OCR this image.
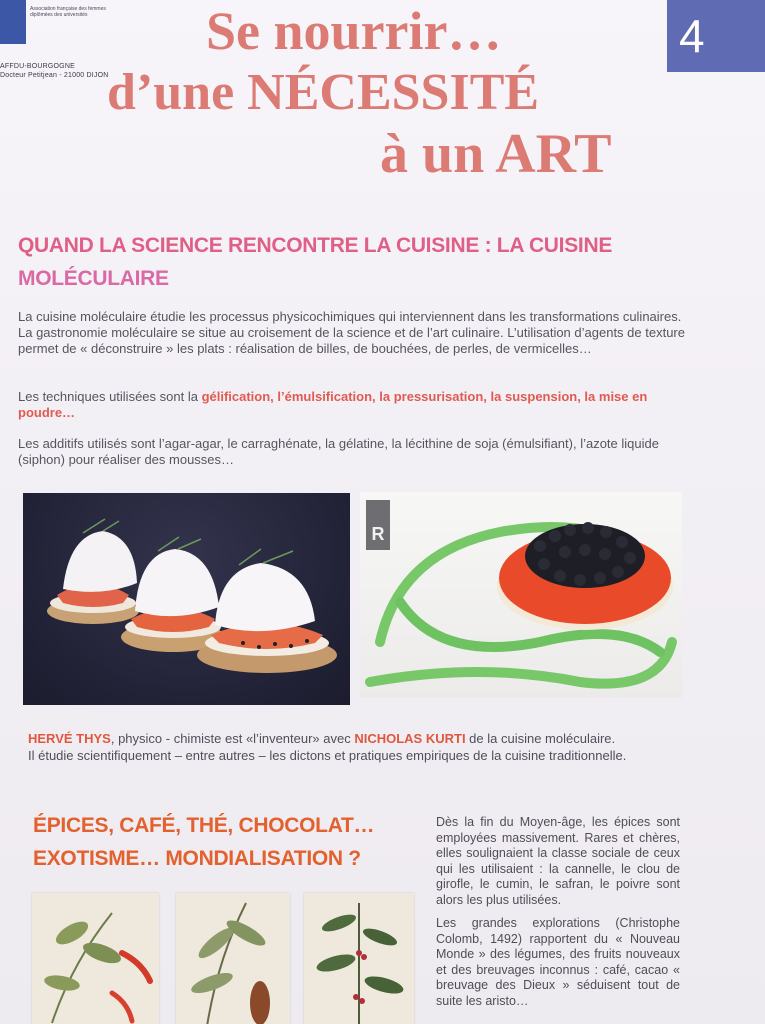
Association française des femmes diplômées des universités
AFFDU-BOURGOGNE
Docteur Petitjean - 21000 DIJON
4
Se nourrir…
d’une NÉCESSITÉ
à un ART
QUAND LA SCIENCE RENCONTRE LA CUISINE : LA CUISINE
MOLÉCULAIRE
La cuisine moléculaire étudie les processus physicochimiques qui interviennent dans les transformations culinaires. La gastronomie moléculaire se situe au croisement de la science et de l’art culinaire. L’utilisation d’agents de texture permet de « déconstruire » les plats : réalisation de billes, de bouchées, de perles, de vermicelles…
Les techniques utilisées sont la gélification, l’émulsification, la pressurisation, la suspension, la mise en poudre…
Les additifs utilisés sont l’agar-agar, le carraghénate, la gélatine, la lécithine de soja (émulsifiant), l’azote liquide (siphon) pour réaliser des mousses…
R
HERVÉ THYS, physico - chimiste est «l’inventeur» avec NICHOLAS KURTI de la cuisine moléculaire.
Il étudie scientifiquement – entre autres – les dictons et pratiques empiriques de la cuisine traditionnelle.
ÉPICES, CAFÉ, THÉ, CHOCOLAT…
EXOTISME… MONDIALISATION ?

Dès la fin du Moyen-âge, les épices sont employées massivement. Rares et chères, elles soulignaient la classe sociale de ceux qui les utilisaient : la cannelle, le clou de girofle, le cumin, le safran, le poivre sont alors les plus utilisées.

Les grandes explorations (Christophe Colomb, 1492) rapportent du « Nouveau Monde » des légumes, des fruits nouveaux et des breuvages inconnus : café, cacao « breuvage des Dieux » séduisent tout de suite les aristo…
